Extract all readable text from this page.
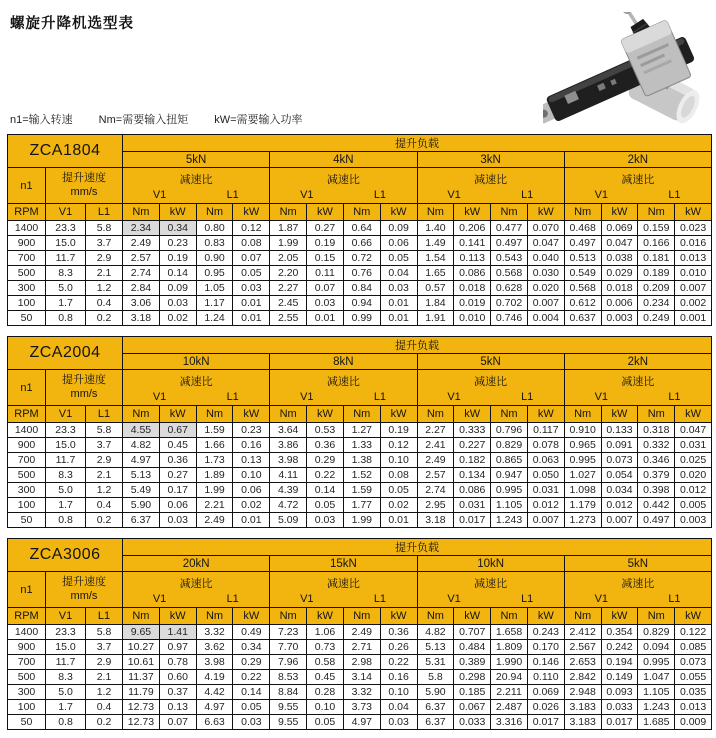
螺旋升降机选型表
n1=输入转速 Nm=需要输入扭矩 kW=需要输入功率
ZCA1804			提升负载															
			5kN				4kN				3kN				2kN			
n1	
提升速度
mm/s

减速比
V1	L1

减速比
V1	L1

减速比
V1	L1

减速比
V1	L1

RPM	V1	L1	Nm	kW	Nm	kW	Nm	kW	Nm	kW	Nm	kW	Nm	kW	Nm	kW	Nm	kW
1400	23.3	5.8	2.34	0.34	0.80	0.12	1.87	0.27	0.64	0.09	1.40	0.206	0.477	0.070	0.468	0.069	0.159	0.023
900	15.0	3.7	2.49	0.23	0.83	0.08	1.99	0.19	0.66	0.06	1.49	0.141	0.497	0.047	0.497	0.047	0.166	0.016
700	11.7	2.9	2.57	0.19	0.90	0.07	2.05	0.15	0.72	0.05	1.54	0.113	0.543	0.040	0.513	0.038	0.181	0.013
500	8.3	2.1	2.74	0.14	0.95	0.05	2.20	0.11	0.76	0.04	1.65	0.086	0.568	0.030	0.549	0.029	0.189	0.010
300	5.0	1.2	2.84	0.09	1.05	0.03	2.27	0.07	0.84	0.03	0.57	0.018	0.628	0.020	0.568	0.018	0.209	0.007
100	1.7	0.4	3.06	0.03	1.17	0.01	2.45	0.03	0.94	0.01	1.84	0.019	0.702	0.007	0.612	0.006	0.234	0.002
50	0.8	0.2	3.18	0.02	1.24	0.01	2.55	0.01	0.99	0.01	1.91	0.010	0.746	0.004	0.637	0.003	0.249	0.001
ZCA2004			提升负载															
			10kN				8kN				5kN				2kN			
n1	
提升速度
mm/s

减速比
V1	L1

减速比
V1	L1

减速比
V1	L1

减速比
V1	L1

RPM	V1	L1	Nm	kW	Nm	kW	Nm	kW	Nm	kW	Nm	kW	Nm	kW	Nm	kW	Nm	kW
1400	23.3	5.8	4.55	0.67	1.59	0.23	3.64	0.53	1.27	0.19	2.27	0.333	0.796	0.117	0.910	0.133	0.318	0.047
900	15.0	3.7	4.82	0.45	1.66	0.16	3.86	0.36	1.33	0.12	2.41	0.227	0.829	0.078	0.965	0.091	0.332	0.031
700	11.7	2.9	4.97	0.36	1.73	0.13	3.98	0.29	1.38	0.10	2.49	0.182	0.865	0.063	0.995	0.073	0.346	0.025
500	8.3	2.1	5.13	0.27	1.89	0.10	4.11	0.22	1.52	0.08	2.57	0.134	0.947	0.050	1.027	0.054	0.379	0.020
300	5.0	1.2	5.49	0.17	1.99	0.06	4.39	0.14	1.59	0.05	2.74	0.086	0.995	0.031	1.098	0.034	0.398	0.012
100	1.7	0.4	5.90	0.06	2.21	0.02	4.72	0.05	1.77	0.02	2.95	0.031	1.105	0.012	1.179	0.012	0.442	0.005
50	0.8	0.2	6.37	0.03	2.49	0.01	5.09	0.03	1.99	0.01	3.18	0.017	1.243	0.007	1.273	0.007	0.497	0.003
ZCA3006			提升负载															
			20kN				15kN				10kN				5kN			
n1	
提升速度
mm/s

减速比
V1	L1

减速比
V1	L1

减速比
V1	L1

减速比
V1	L1

RPM	V1	L1	Nm	kW	Nm	kW	Nm	kW	Nm	kW	Nm	kW	Nm	kW	Nm	kW	Nm	kW
1400	23.3	5.8	9.65	1.41	3.32	0.49	7.23	1.06	2.49	0.36	4.82	0.707	1.658	0.243	2.412	0.354	0.829	0.122
900	15.0	3.7	10.27	0.97	3.62	0.34	7.70	0.73	2.71	0.26	5.13	0.484	1.809	0.170	2.567	0.242	0.094	0.085
700	11.7	2.9	10.61	0.78	3.98	0.29	7.96	0.58	2.98	0.22	5.31	0.389	1.990	0.146	2.653	0.194	0.995	0.073
500	8.3	2.1	11.37	0.60	4.19	0.22	8.53	0.45	3.14	0.16	5.8	0.298	20.94	0.110	2.842	0.149	1.047	0.055
300	5.0	1.2	11.79	0.37	4.42	0.14	8.84	0.28	3.32	0.10	5.90	0.185	2.211	0.069	2.948	0.093	1.105	0.035
100	1.7	0.4	12.73	0.13	4.97	0.05	9.55	0.10	3.73	0.04	6.37	0.067	2.487	0.026	3.183	0.033	1.243	0.013
50	0.8	0.2	12.73	0.07	6.63	0.03	9.55	0.05	4.97	0.03	6.37	0.033	3.316	0.017	3.183	0.017	1.685	0.009
